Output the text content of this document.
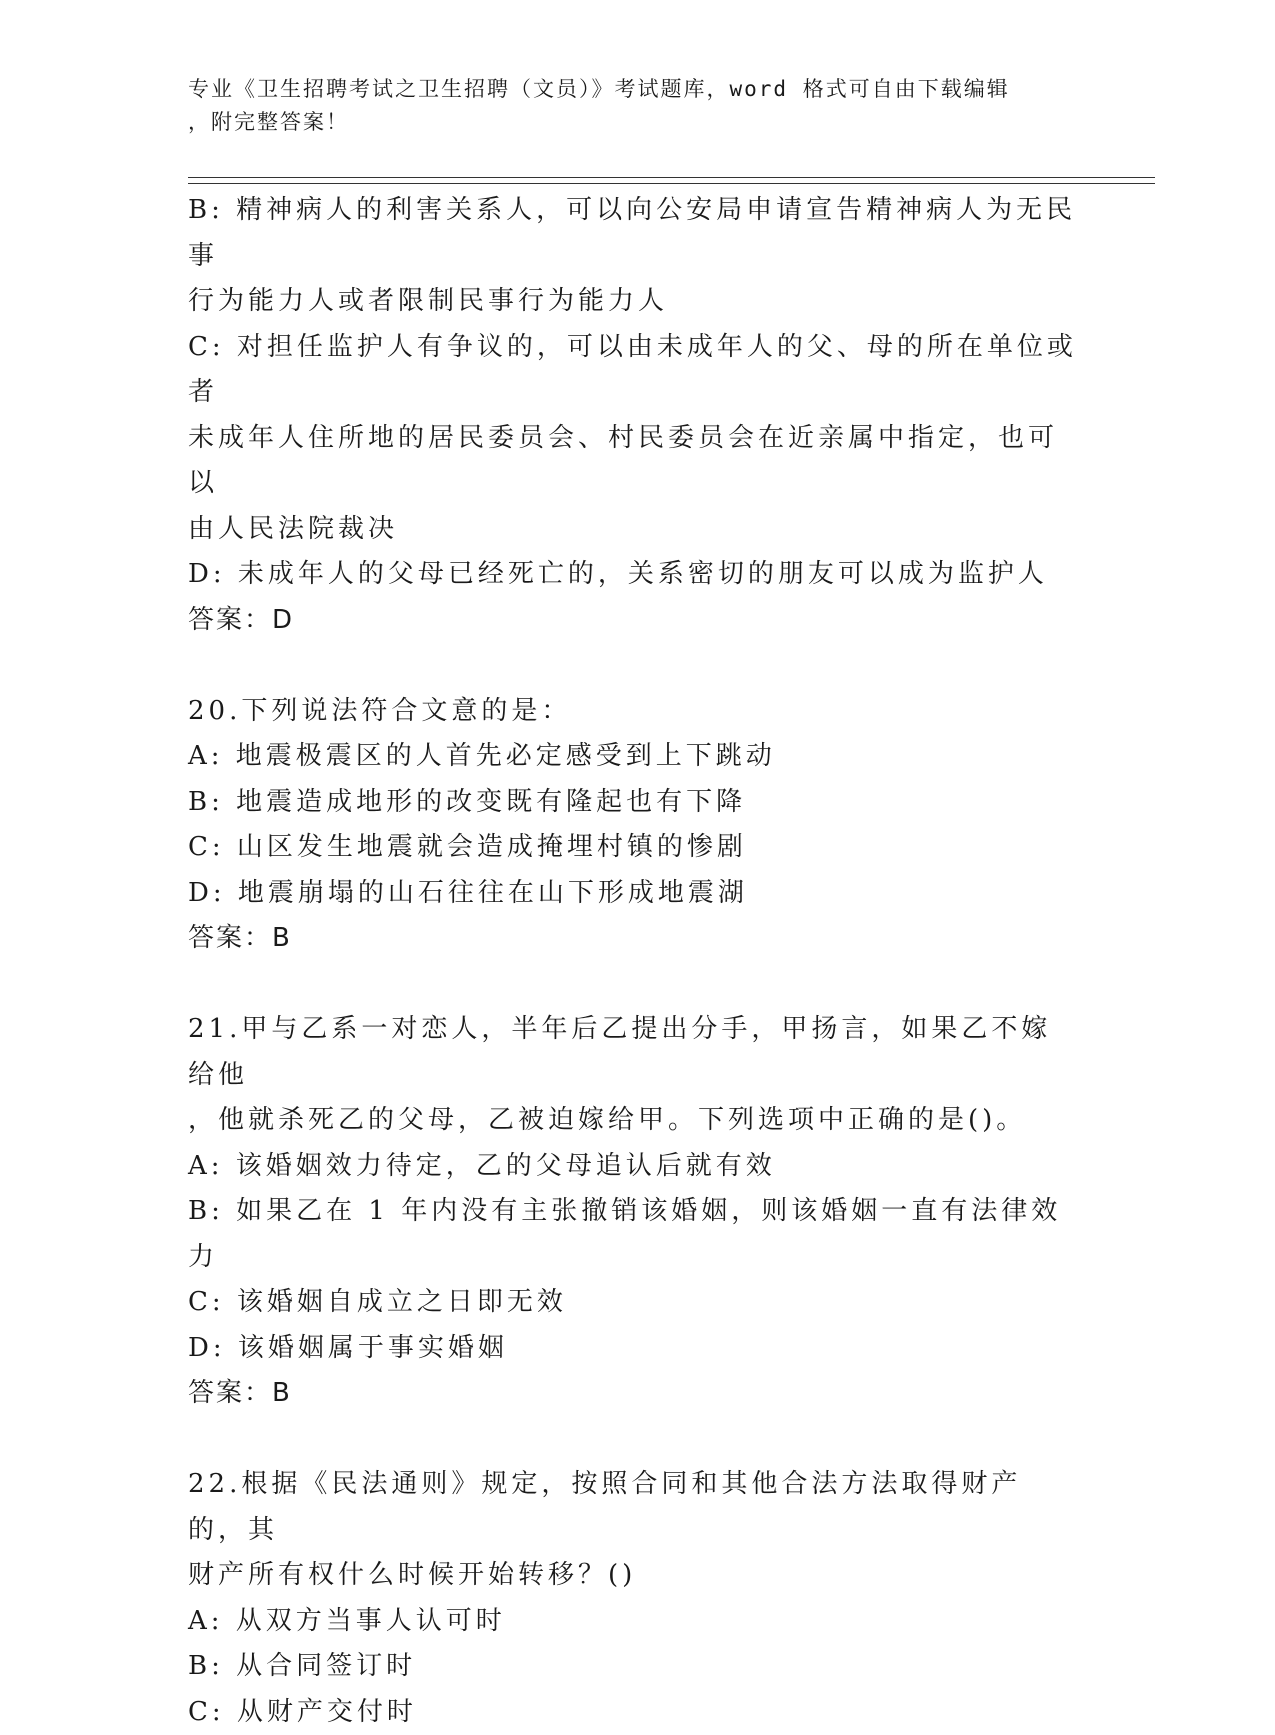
专业《卫生招聘考试之卫生招聘（文员）》考试题库，word 格式可自由下载编辑
，附完整答案！
B: 精神病人的利害关系人，可以向公安局申请宣告精神病人为无民事
行为能力人或者限制民事行为能力人
C: 对担任监护人有争议的，可以由未成年人的父、母的所在单位或者
未成年人住所地的居民委员会、村民委员会在近亲属中指定，也可以
由人民法院裁决
D: 未成年人的父母已经死亡的，关系密切的朋友可以成为监护人
答案：D
20.下列说法符合文意的是：
A: 地震极震区的人首先必定感受到上下跳动
B: 地震造成地形的改变既有隆起也有下降
C: 山区发生地震就会造成掩埋村镇的惨剧
D: 地震崩塌的山石往往在山下形成地震湖
答案：B
21.甲与乙系一对恋人，半年后乙提出分手，甲扬言，如果乙不嫁给他
，他就杀死乙的父母，乙被迫嫁给甲。下列选项中正确的是()。
A: 该婚姻效力待定，乙的父母追认后就有效
B: 如果乙在 1 年内没有主张撤销该婚姻，则该婚姻一直有法律效力
C: 该婚姻自成立之日即无效
D: 该婚姻属于事实婚姻
答案：B
22.根据《民法通则》规定，按照合同和其他合法方法取得财产的，其
财产所有权什么时候开始转移？()
A: 从双方当事人认可时
B: 从合同签订时
C: 从财产交付时
